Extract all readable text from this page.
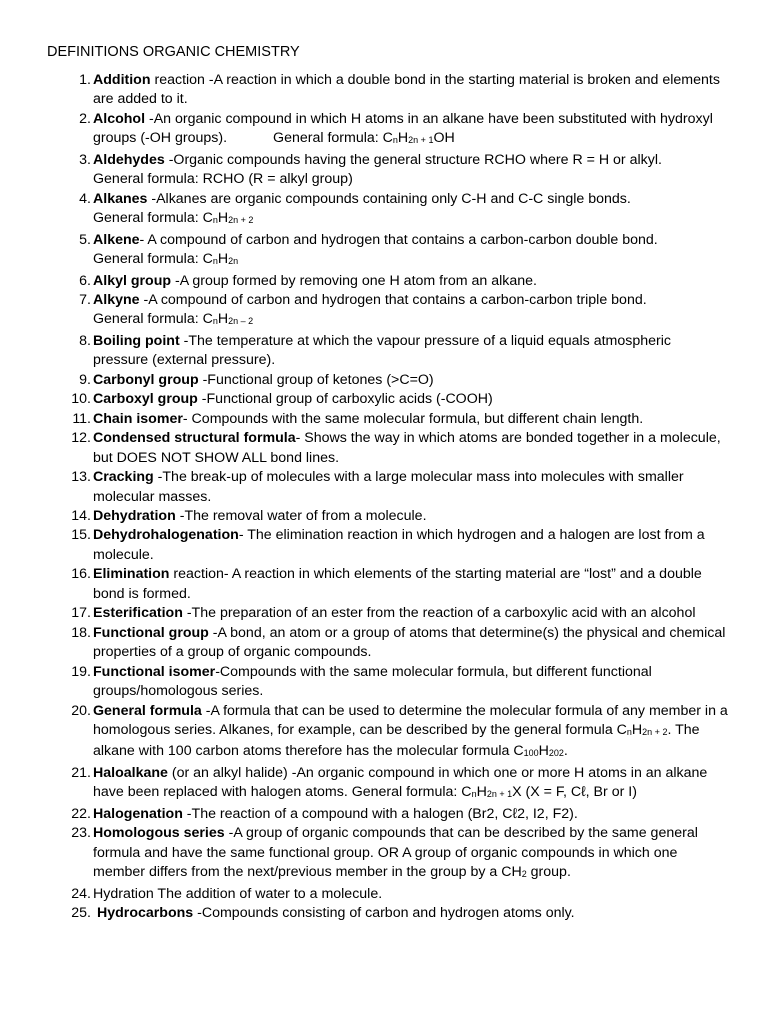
DEFINITIONS ORGANIC CHEMISTRY
1. Addition reaction -A reaction in which a double bond in the starting material is broken and elements are added to it.
2. Alcohol -An organic compound in which H atoms in an alkane have been substituted with hydroxyl groups (-OH groups).	General formula: CnH2n + 1OH
3. Aldehydes -Organic compounds having the general structure RCHO where R = H or alkyl.
General formula: RCHO (R = alkyl group)
4. Alkanes -Alkanes are organic compounds containing only C-H and C-C single bonds.
General formula: CnH2n + 2
5. Alkene- A compound of carbon and hydrogen that contains a carbon-carbon double bond.
General formula: CnH2n
6. Alkyl group -A group formed by removing one H atom from an alkane.
7. Alkyne -A compound of carbon and hydrogen that contains a carbon-carbon triple bond.
General formula: CnH2n – 2
8. Boiling point -The temperature at which the vapour pressure of a liquid equals atmospheric pressure (external pressure).
9. Carbonyl group -Functional group of ketones (>C=O)
10. Carboxyl group -Functional group of carboxylic acids (-COOH)
11. Chain isomer- Compounds with the same molecular formula, but different chain length.
12. Condensed structural formula- Shows the way in which atoms are bonded together in a molecule, but DOES NOT SHOW ALL bond lines.
13. Cracking -The break-up of molecules with a large molecular mass into molecules with smaller molecular masses.
14. Dehydration -The removal water of from a molecule.
15. Dehydrohalogenation- The elimination reaction in which hydrogen and a halogen are lost from a molecule.
16. Elimination reaction- A reaction in which elements of the starting material are “lost” and a double bond is formed.
17. Esterification -The preparation of an ester from the reaction of a carboxylic acid with an alcohol
18. Functional group -A bond, an atom or a group of atoms that determine(s) the physical and chemical properties of a group of organic compounds.
19. Functional isomer-Compounds with the same molecular formula, but different functional groups/homologous series.
20. General formula -A formula that can be used to determine the molecular formula of any member in a homologous series. Alkanes, for example, can be described by the general formula CnH2n + 2. The alkane with 100 carbon atoms therefore has the molecular formula C100H202.
21. Haloalkane (or an alkyl halide) -An organic compound in which one or more H atoms in an alkane have been replaced with halogen atoms. General formula: CnH2n + 1X (X = F, Cℓ, Br or I)
22. Halogenation -The reaction of a compound with a halogen (Br2, Cℓ2, I2, F2).
23. Homologous series -A group of organic compounds that can be described by the same general formula and have the same functional group. OR A group of organic compounds in which one member differs from the next/previous member in the group by a CH2 group.
24. Hydration The addition of water to a molecule.
25. Hydrocarbons -Compounds consisting of carbon and hydrogen atoms only.
